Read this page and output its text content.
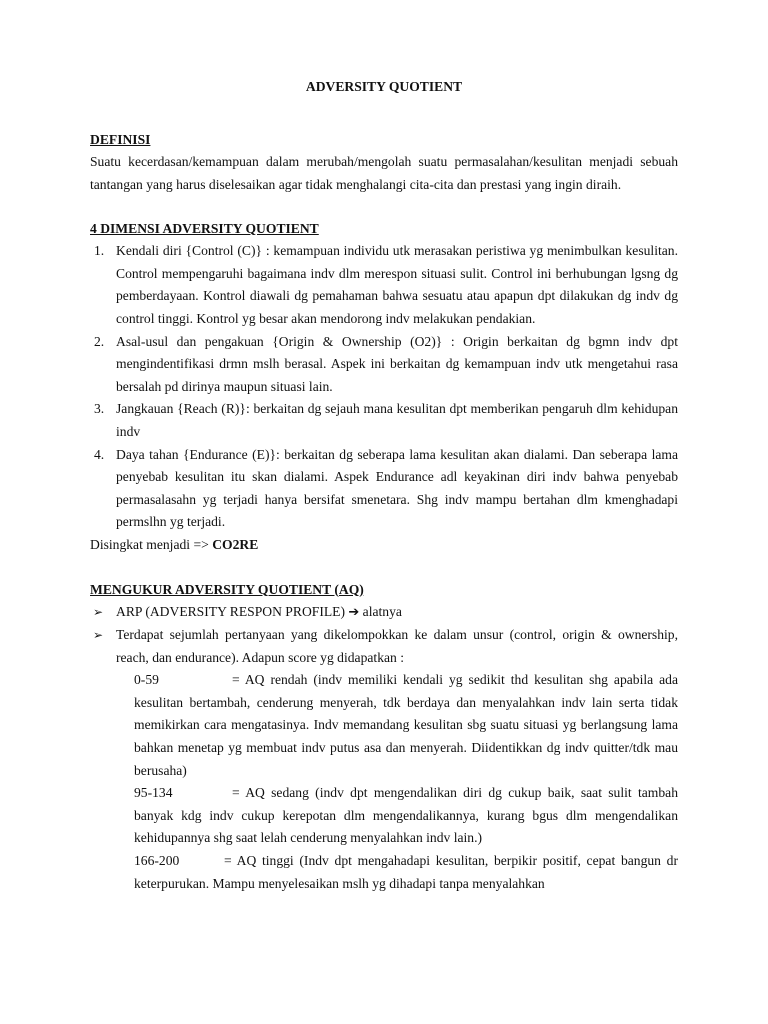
ADVERSITY QUOTIENT
DEFINISI

Suatu kecerdasan/kemampuan dalam merubah/mengolah suatu permasalahan/kesulitan menjadi sebuah tantangan yang harus diselesaikan agar tidak menghalangi cita-cita dan prestasi yang ingin diraih.

4 DIMENSI ADVERSITY QUOTIENT
1. Kendali diri {Control (C)} : kemampuan individu utk merasakan peristiwa yg menimbulkan kesulitan. Control mempengaruhi bagaimana indv dlm merespon situasi sulit. Control ini berhubungan lgsng dg pemberdayaan. Kontrol diawali dg pemahaman bahwa sesuatu atau apapun dpt dilakukan dg indv dg control tinggi. Kontrol yg besar akan mendorong indv melakukan pendakian.
2. Asal-usul dan pengakuan {Origin & Ownership (O2)} : Origin berkaitan dg bgmn indv dpt mengindentifikasi drmn mslh berasal. Aspek ini berkaitan dg kemampuan indv utk mengetahui rasa bersalah pd dirinya maupun situasi lain.
3. Jangkauan {Reach (R)}: berkaitan dg sejauh mana kesulitan dpt memberikan pengaruh dlm kehidupan indv
4. Daya tahan {Endurance (E)}: berkaitan dg seberapa lama kesulitan akan dialami. Dan seberapa lama penyebab kesulitan itu skan dialami. Aspek Endurance adl keyakinan diri indv bahwa penyebab permasalasahn yg terjadi hanya bersifat smenetara. Shg indv mampu bertahan dlm kmenghadapi permslhn yg terjadi.

Disingkat menjadi => CO2RE

MENGUKUR ADVERSITY QUOTIENT (AQ)
➢ ARP (ADVERSITY RESPON PROFILE) ➔ alatnya
➢ Terdapat sejumlah pertanyaan yang dikelompokkan ke dalam unsur (control, origin & ownership, reach, dan endurance). Adapun score yg didapatkan :

0-59	= AQ rendah (indv memiliki kendali yg sedikit thd kesulitan shg apabila ada kesulitan bertambah, cenderung menyerah, tdk berdaya dan menyalahkan indv lain serta tidak memikirkan cara mengatasinya. Indv memandang kesulitan sbg suatu situasi yg berlangsung lama bahkan menetap yg membuat indv putus asa dan menyerah. Diidentikkan dg indv quitter/tdk mau berusaha)

95-134	= AQ sedang (indv dpt mengendalikan diri dg cukup baik, saat sulit tambah banyak kdg indv cukup kerepotan dlm mengendalikannya, kurang bgus dlm mengendalikan kehidupannya shg saat lelah cenderung menyalahkan indv lain.)

166-200	= AQ tinggi (Indv dpt mengahadapi kesulitan, berpikir positif, cepat bangun dr keterpurukan. Mampu menyelesaikan mslh yg dihadapi tanpa menyalahkan
